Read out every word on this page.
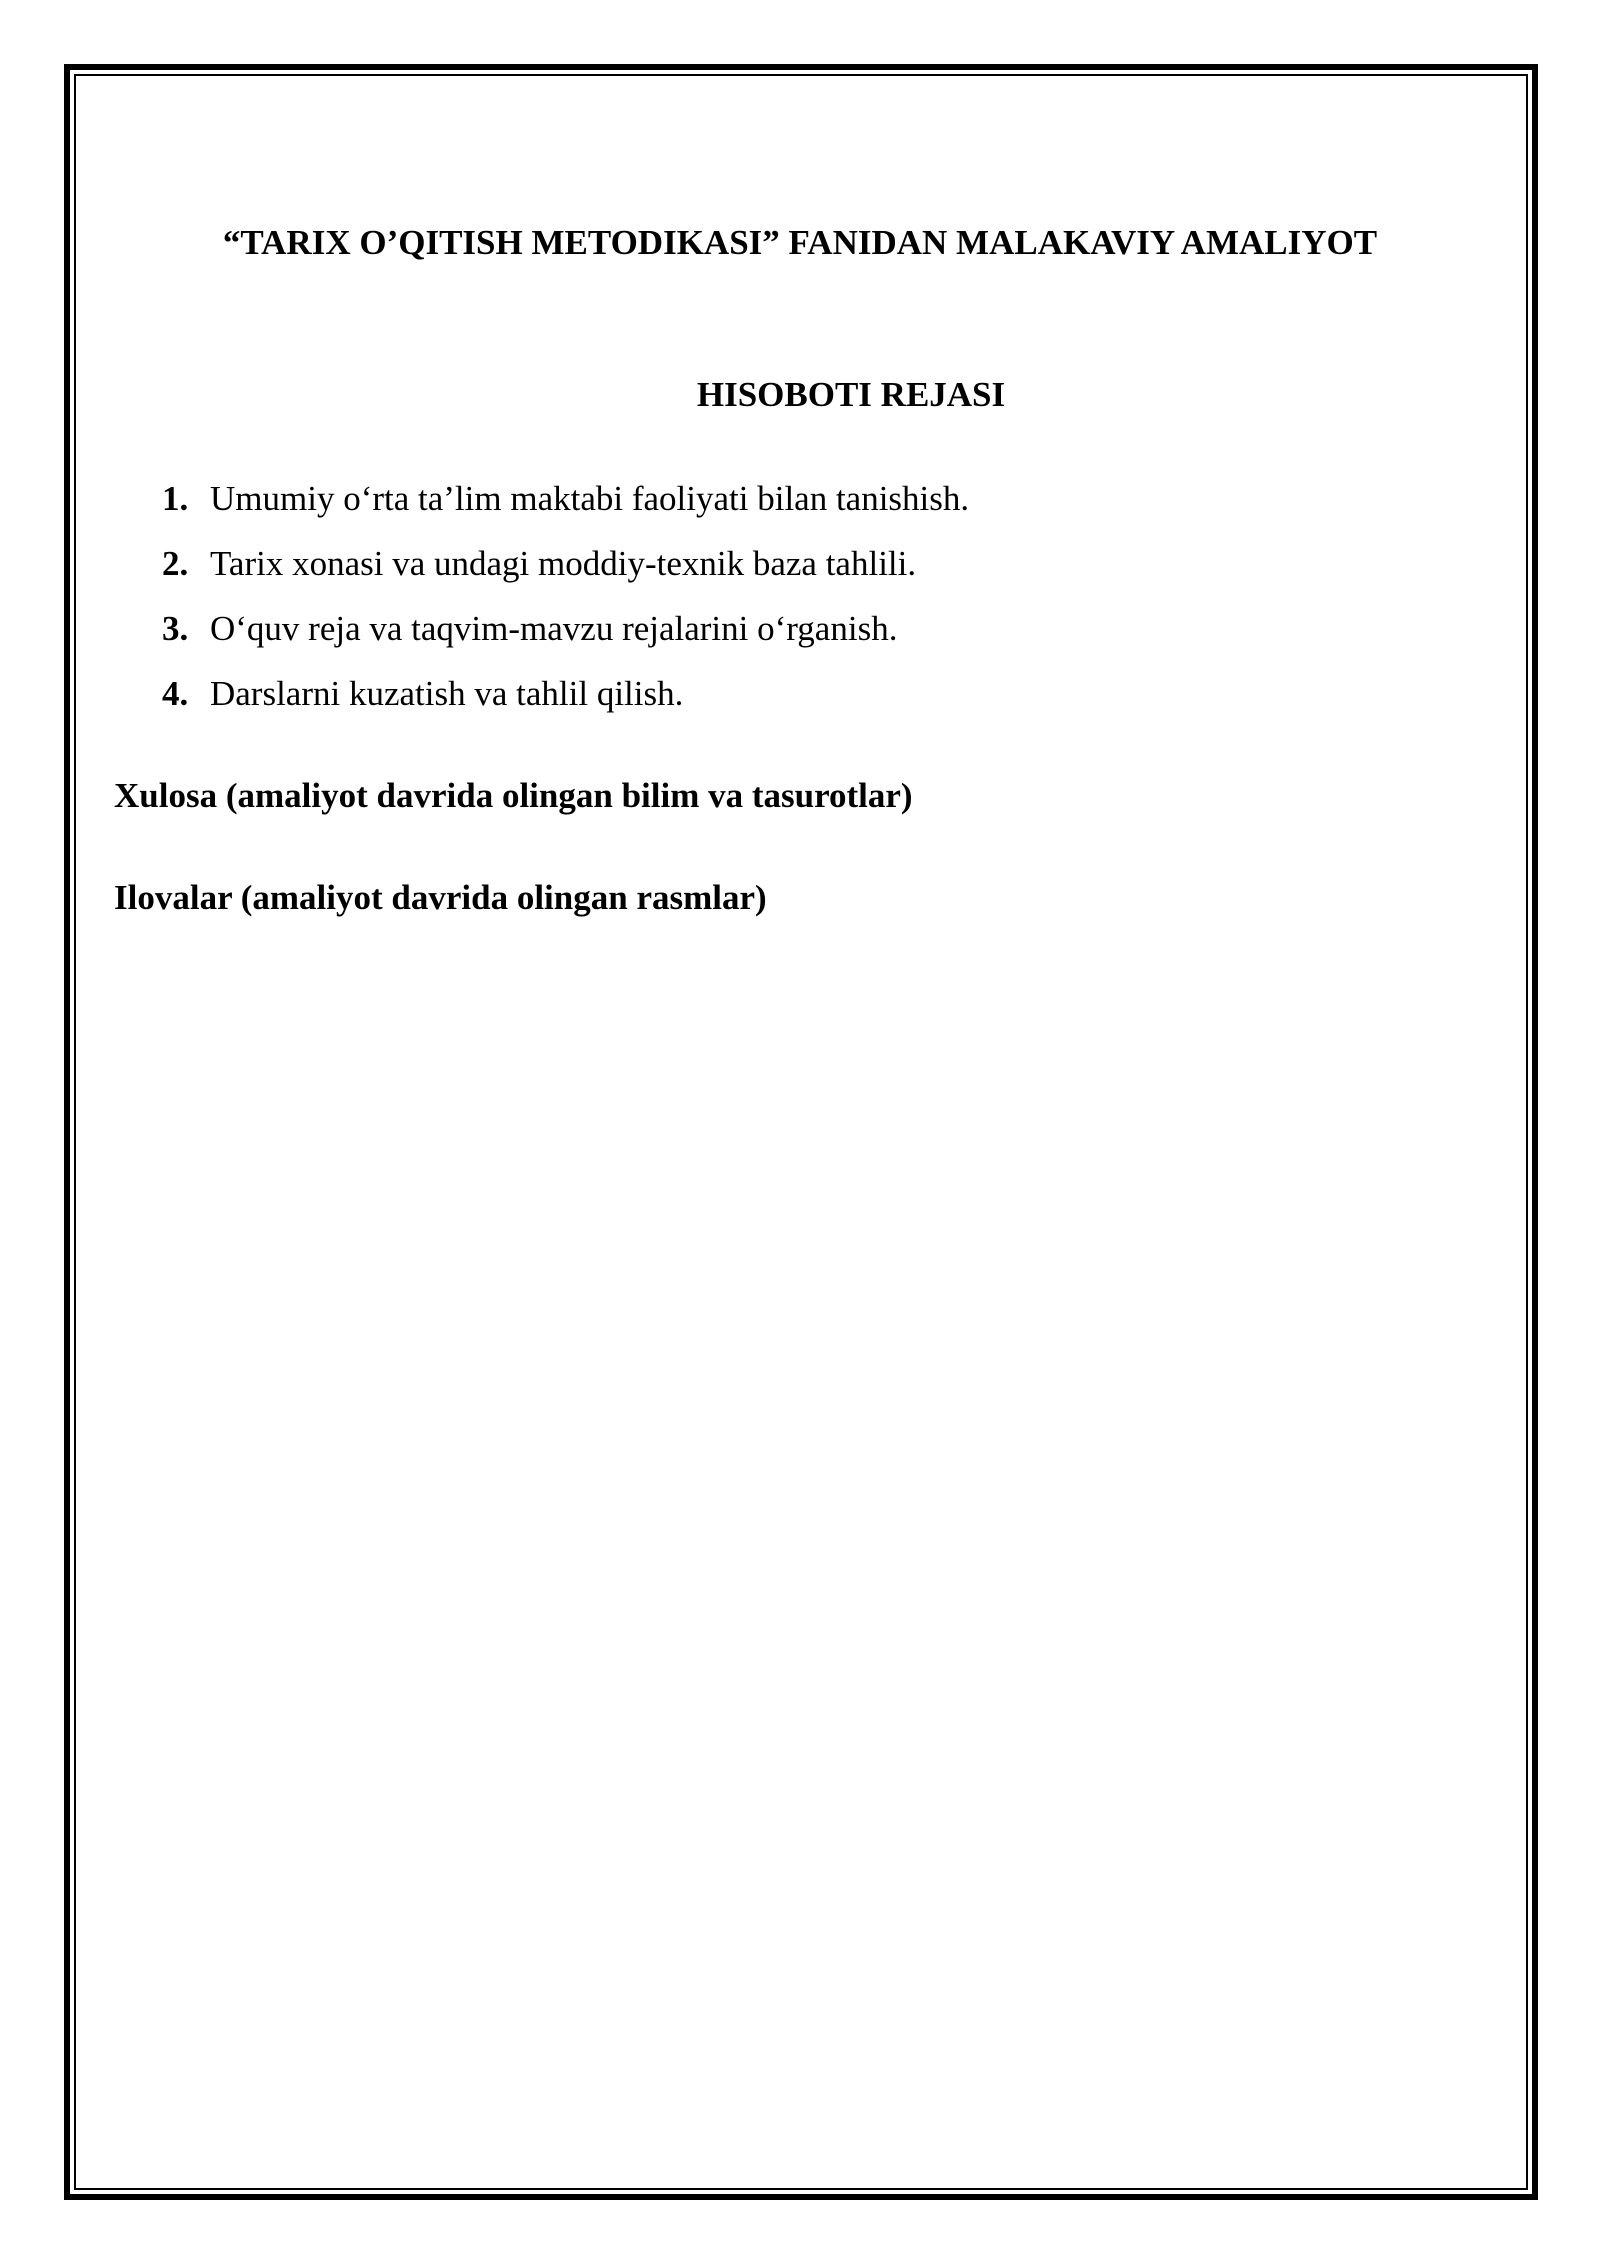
“TARIX O’QITISH METODIKASI” FANIDAN MALAKAVIY AMALIYOT
HISOBOTI REJASI
1. Umumiy o‘rta ta’lim maktabi faoliyati bilan tanishish.
2. Tarix xonasi va undagi moddiy-texnik baza tahlili.
3. O‘quv reja va taqvim-mavzu rejalarini o‘rganish.
4. Darslarni kuzatish va tahlil qilish.
Xulosa (amaliyot davrida olingan bilim va tasurotlar)
Ilovalar (amaliyot davrida olingan rasmlar)
